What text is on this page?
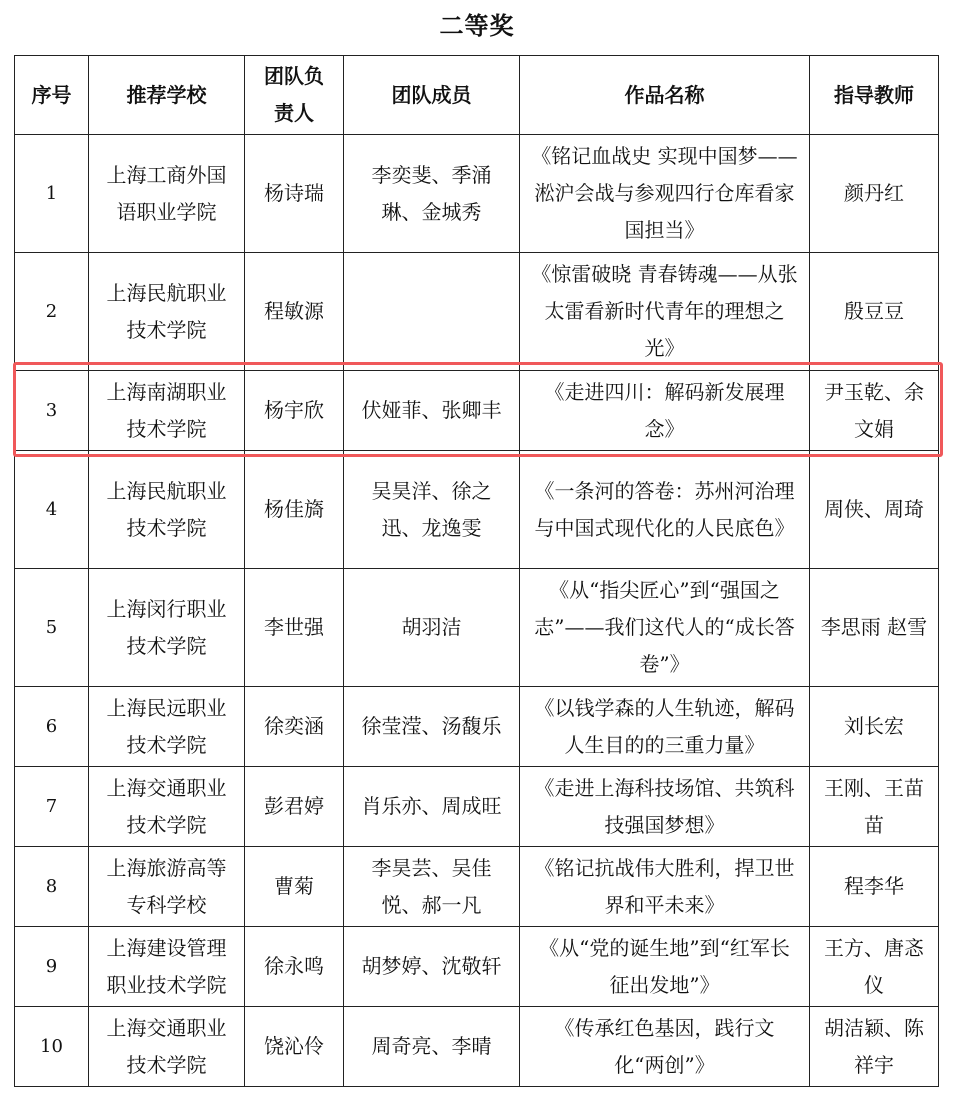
二等奖
序号	推荐学校	团队负责人	团队成员	作品名称	指导教师
1	上海工商外国语职业学院	杨诗瑞	李奕斐、季涌琳、金城秀	《铭记血战史 实现中国梦——淞沪会战与参观四行仓库看家国担当》	颜丹红
2	上海民航职业技术学院	程敏源		《惊雷破晓 青春铸魂——从张太雷看新时代青年的理想之光》	殷豆豆
3	上海南湖职业技术学院	杨宇欣	伏娅菲、张卿丰	《走进四川：解码新发展理念》	尹玉乾、余文娟
4	上海民航职业技术学院	杨佳旖	吴昊洋、徐之迅、龙逸雯	《一条河的答卷：苏州河治理与中国式现代化的人民底色》	周侠、周琦
5	上海闵行职业技术学院	李世强	胡羽洁	《从“指尖匠心”到“强国之志”——我们这代人的“成长答卷”》	李思雨 赵雪
6	上海民远职业技术学院	徐奕涵	徐莹滢、汤馥乐	《以钱学森的人生轨迹，解码人生目的的三重力量》	刘长宏
7	上海交通职业技术学院	彭君婷	肖乐亦、周成旺	《走进上海科技场馆、共筑科技强国梦想》	王刚、王苗苗
8	上海旅游高等专科学校	曹菊	李昊芸、吴佳悦、郝一凡	《铭记抗战伟大胜利，捍卫世界和平未来》	程李华
9	上海建设管理职业技术学院	徐永鸣	胡梦婷、沈敬轩	《从“党的诞生地”到“红军长征出发地”》	王方、唐忞仪
10	上海交通职业技术学院	饶沁伶	周奇亮、李晴	《传承红色基因，践行文化“两创”》	胡洁颖、陈祥宇
